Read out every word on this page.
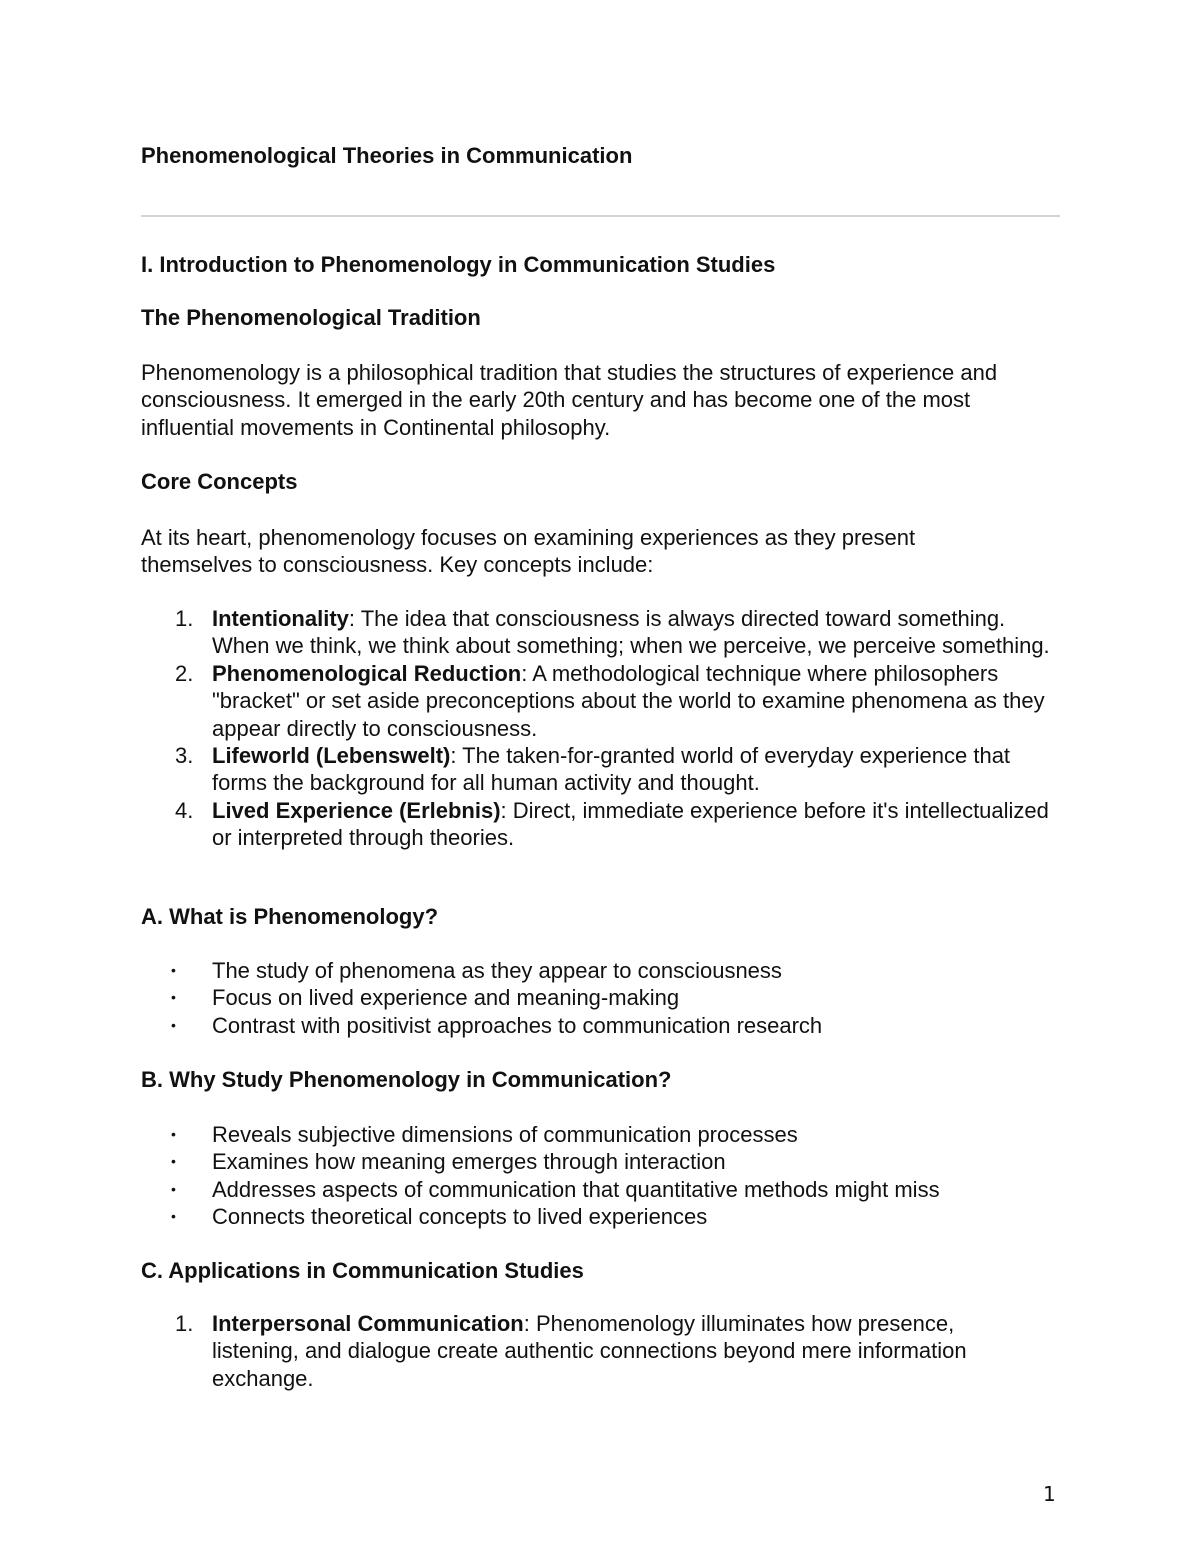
Phenomenological Theories in Communication

I. Introduction to Phenomenology in Communication Studies

The Phenomenological Tradition

Phenomenology is a philosophical tradition that studies the structures of experience and consciousness. It emerged in the early 20th century and has become one of the most influential movements in Continental philosophy.

Core Concepts

At its heart, phenomenology focuses on examining experiences as they present themselves to consciousness. Key concepts include:

1. Intentionality: The idea that consciousness is always directed toward something. When we think, we think about something; when we perceive, we perceive something.
2. Phenomenological Reduction: A methodological technique where philosophers "bracket" or set aside preconceptions about the world to examine phenomena as they appear directly to consciousness.
3. Lifeworld (Lebenswelt): The taken-for-granted world of everyday experience that forms the background for all human activity and thought.
4. Lived Experience (Erlebnis): Direct, immediate experience before it's intellectualized or interpreted through theories.

A. What is Phenomenology?

• The study of phenomena as they appear to consciousness
• Focus on lived experience and meaning-making
• Contrast with positivist approaches to communication research

B. Why Study Phenomenology in Communication?

• Reveals subjective dimensions of communication processes
• Examines how meaning emerges through interaction
• Addresses aspects of communication that quantitative methods might miss
• Connects theoretical concepts to lived experiences

C. Applications in Communication Studies

1. Interpersonal Communication: Phenomenology illuminates how presence, listening, and dialogue create authentic connections beyond mere information exchange.
1
